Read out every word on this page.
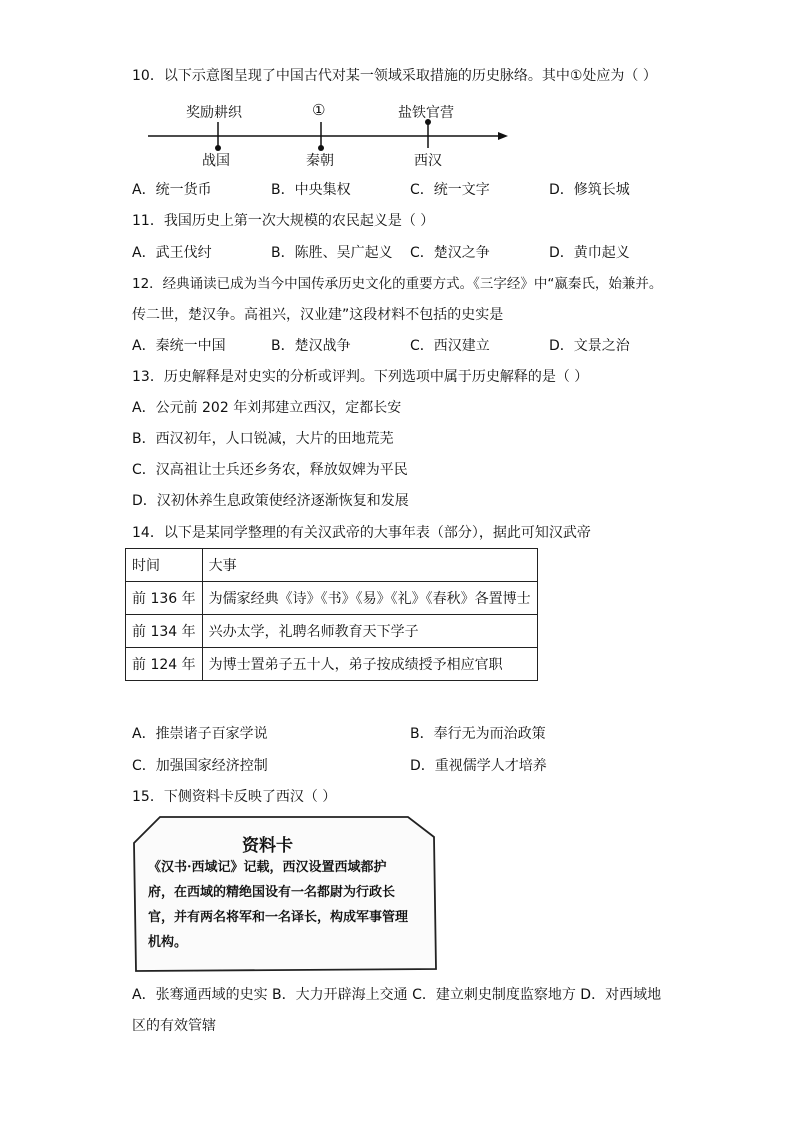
10．以下示意图呈现了中国古代对某一领域采取措施的历史脉络。其中①处应为（ ）
奖励耕织	①	盐铁官营
战国	秦朝	西汉
A．统一货币	B．中央集权	C．统一文字	D．修筑长城
11．我国历史上第一次大规模的农民起义是（ ）
A．武王伐纣	B．陈胜、吴广起义 C．楚汉之争	D．黄巾起义
12．经典诵读已成为当今中国传承历史文化的重要方式。《三字经》中“嬴秦氏，始兼并。
传二世，楚汉争。高祖兴，汉业建”这段材料不包括的史实是
A．秦统一中国	B．楚汉战争	C．西汉建立	D．文景之治
13．历史解释是对史实的分析或评判。下列选项中属于历史解释的是（ ）
A．公元前 202 年刘邦建立西汉，定都长安
B．西汉初年，人口锐减，大片的田地荒芜
C．汉高祖让士兵还乡务农，释放奴婢为平民
D．汉初休养生息政策使经济逐渐恢复和发展
14．以下是某同学整理的有关汉武帝的大事年表（部分），据此可知汉武帝
时间	大事
前 136 年	为儒家经典《诗》《书》《易》《礼》《春秋》各置博士
前 134 年	兴办太学，礼聘名师教育天下学子
前 124 年	为博士置弟子五十人，弟子按成绩授予相应官职
A．推崇诸子百家学说	B．奉行无为而治政策
C．加强国家经济控制	D．重视儒学人才培养
15．下侧资料卡反映了西汉（ ）
资料卡
《汉书·西域记》记载，西汉设置西域都护
府，在西域的精绝国设有一名都尉为行政长
官，并有两名将军和一名译长，构成军事管理
机构。
A．张骞通西域的史实 B．大力开辟海上交通 C．建立刺史制度监察地方 D．对西域地
区的有效管辖
